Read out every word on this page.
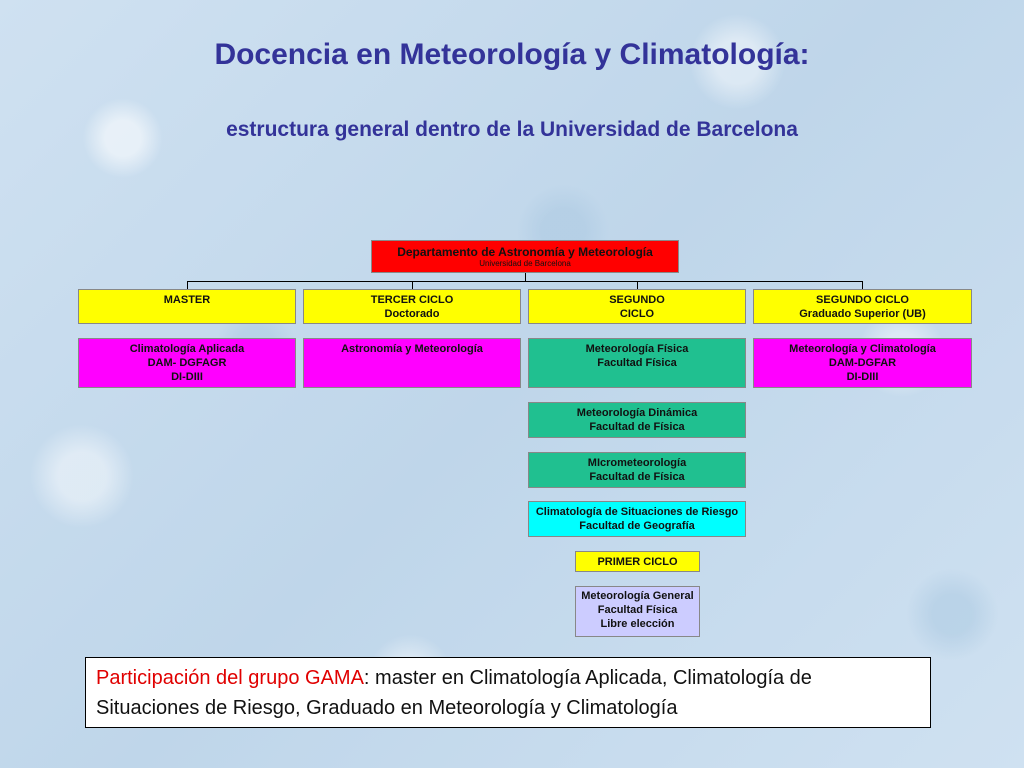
Docencia en Meteorología y Climatología:
estructura general dentro de la Universidad de Barcelona
Departamento de Astronomía y Meteorología
Universidad de Barcelona
MASTER	TERCER CICLO
Doctorado
SEGUNDO
CICLO
SEGUNDO CICLO
Graduado Superior (UB)
Climatología Aplicada
DAM- DGFAGR
DI-DIII
Astronomía y Meteorología	Meteorología Física
Facultad Física
Meteorología y Climatología
DAM-DGFAR
DI-DIII
Meteorología Dinámica
Facultad de Física
MIcrometeorología
Facultad de Física
Climatología de Situaciones de Riesgo
Facultad de Geografía
PRIMER CICLO
Meteorología General
Facultad Física
Libre elección
Participación del grupo GAMA: master en Climatología Aplicada, Climatología de Situaciones de Riesgo, Graduado en Meteorología y Climatología
